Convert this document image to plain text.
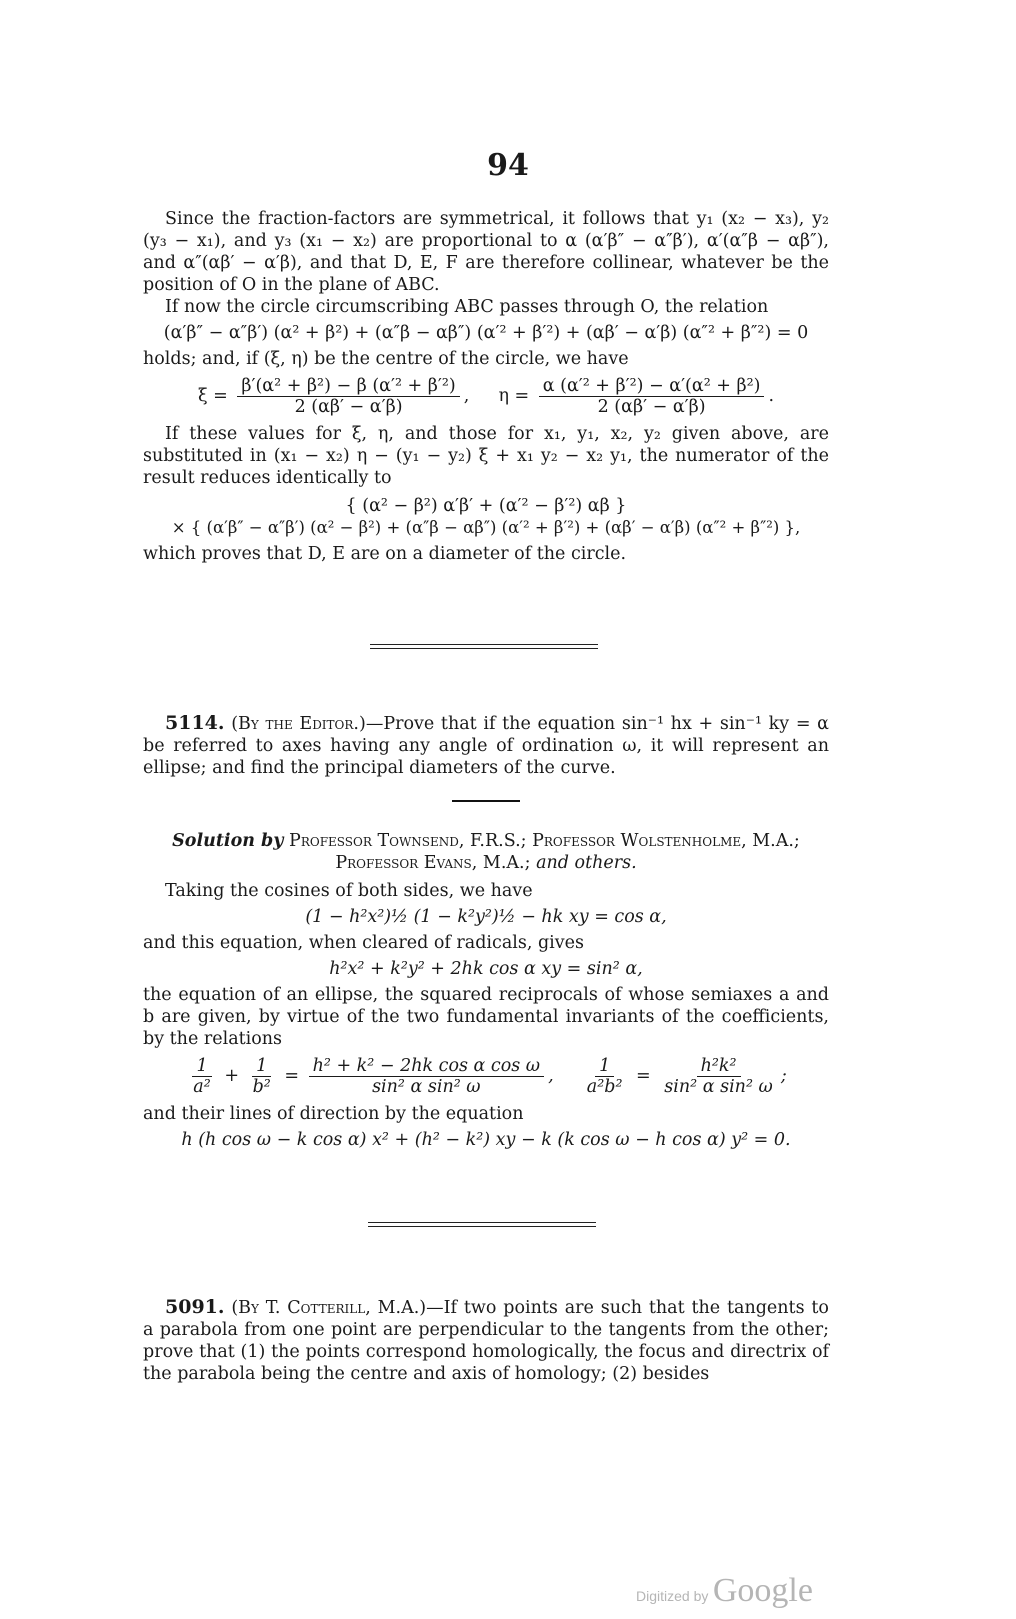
94

Since the fraction-factors are symmetrical, it follows that y₁ (x₂ − x₃), y₂ (y₃ − x₁), and y₃ (x₁ − x₂) are proportional to α (α′β″ − α″β′), α′(α″β − αβ″), and α″(αβ′ − α′β), and that D, E, F are therefore collinear, whatever be the position of O in the plane of ABC.

If now the circle circumscribing ABC passes through O, the relation

(α′β″ − α″β′) (α² + β²) + (α″β − αβ″) (α′² + β′²) + (αβ′ − α′β) (α″² + β″²) = 0

holds; and, if (ξ, η) be the centre of the circle, we have

$\xi = \frac{\text{β′(α² + β²) − β (α′² + β′²)}}{2 (\alpha\beta' - \alpha'\beta)}$ ,  $\eta = \frac{\text{α (α′² + β′²) − α′(α² + β²)}}{2 (\alpha\beta' - \alpha'\beta)}$ .

If these values for ξ, η, and those for x₁, y₁, x₂, y₂ given above, are substituted in (x₁ − x₂) η − (y₁ − y₂) ξ + x₁ y₂ − x₂ y₁, the numerator of the result reduces identically to

{ (α² − β²) α′β′ + (α′² − β′²) αβ }

× { (α′β″ − α″β′) (α² − β²) + (α″β − αβ″) (α′² + β′²) + (αβ′ − α′β) (α″² + β″²) },

which proves that D, E are on a diameter of the circle.

5114. (By the Editor.)—Prove that if the equation sin⁻¹ hx + sin⁻¹ ky = α be referred to axes having any angle of ordination ω, it will represent an ellipse; and find the principal diameters of the curve.

Solution by Professor Townsend, F.R.S.; Professor Wolstenholme, M.A.;

Professor Evans, M.A.; and others.

Taking the cosines of both sides, we have

(1 − h²x²)½ (1 − k²y²)½ − hk xy = cos α,

and this equation, when cleared of radicals, gives

h²x² + k²y² + 2hk cos α xy = sin² α,

the equation of an ellipse, the squared reciprocals of whose semiaxes a and b are given, by virtue of the two fundamental invariants of the coefficients, by the relations

$\frac{1}{\text{a²}} + \frac{1}{\text{b²}} = \frac{\text{h² + k² − 2hk cos α cos ω}}{\text{sin² α sin² ω}}$ , $\frac{1}{\text{a²b²}} = \frac{\text{h²k²}}{\text{sin² α sin² ω}}$ ;

and their lines of direction by the equation

h (h cos ω − k cos α) x² + (h² − k²) xy − k (k cos ω − h cos α) y² = 0.

5091. (By T. Cotterill, M.A.)—If two points are such that the tangents to a parabola from one point are perpendicular to the tangents from the other; prove that (1) the points correspond homologically, the focus and directrix of the parabola being the centre and axis of homology; (2) besides

Digitized by Google
